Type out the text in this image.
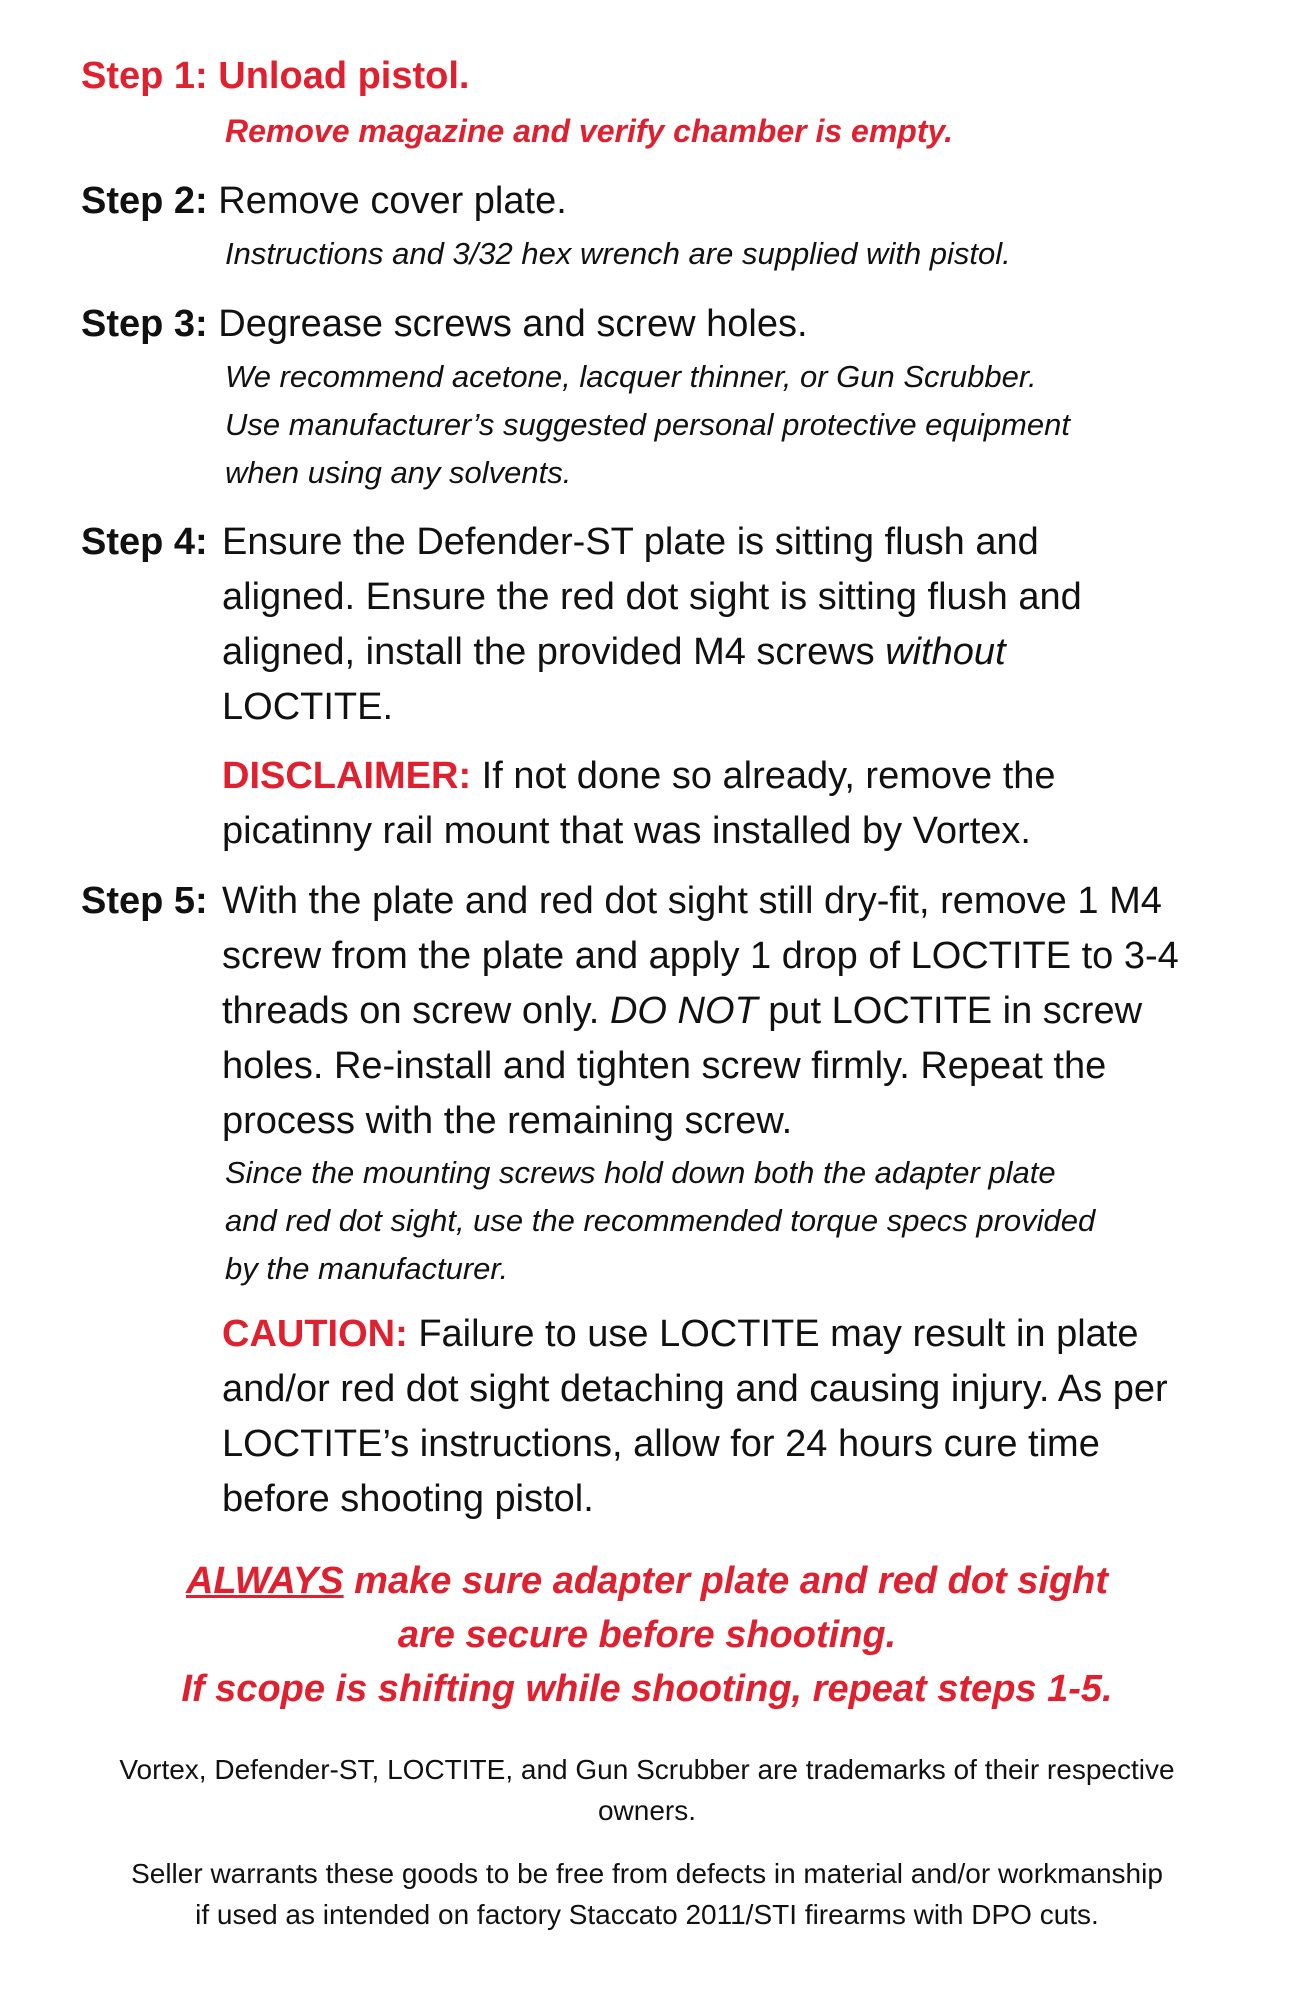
Step 1: Unload pistol.
Remove magazine and verify chamber is empty.
Step 2: Remove cover plate.
Instructions and 3/32 hex wrench are supplied with pistol.
Step 3: Degrease screws and screw holes.
We recommend acetone, lacquer thinner, or Gun Scrubber.
Use manufacturer’s suggested personal protective equipment
when using any solvents.
Step 4: Ensure the Defender-ST plate is sitting flush and
aligned. Ensure the red dot sight is sitting flush and
aligned, install the provided M4 screws without
LOCTITE.
DISCLAIMER: If not done so already, remove the
picatinny rail mount that was installed by Vortex.
Step 5: With the plate and red dot sight still dry-fit, remove 1 M4
screw from the plate and apply 1 drop of LOCTITE to 3-4
threads on screw only. DO NOT put LOCTITE in screw
holes. Re-install and tighten screw firmly. Repeat the
process with the remaining screw.
Since the mounting screws hold down both the adapter plate
and red dot sight, use the recommended torque specs provided
by the manufacturer.
CAUTION: Failure to use LOCTITE may result in plate
and/or red dot sight detaching and causing injury. As per
LOCTITE’s instructions, allow for 24 hours cure time
before shooting pistol.
ALWAYS make sure adapter plate and red dot sight
are secure before shooting.
If scope is shifting while shooting, repeat steps 1-5.
Vortex, Defender-ST, LOCTITE, and Gun Scrubber are trademarks of their respective
owners.
Seller warrants these goods to be free from defects in material and/or workmanship
if used as intended on factory Staccato 2011/STI firearms with DPO cuts.
